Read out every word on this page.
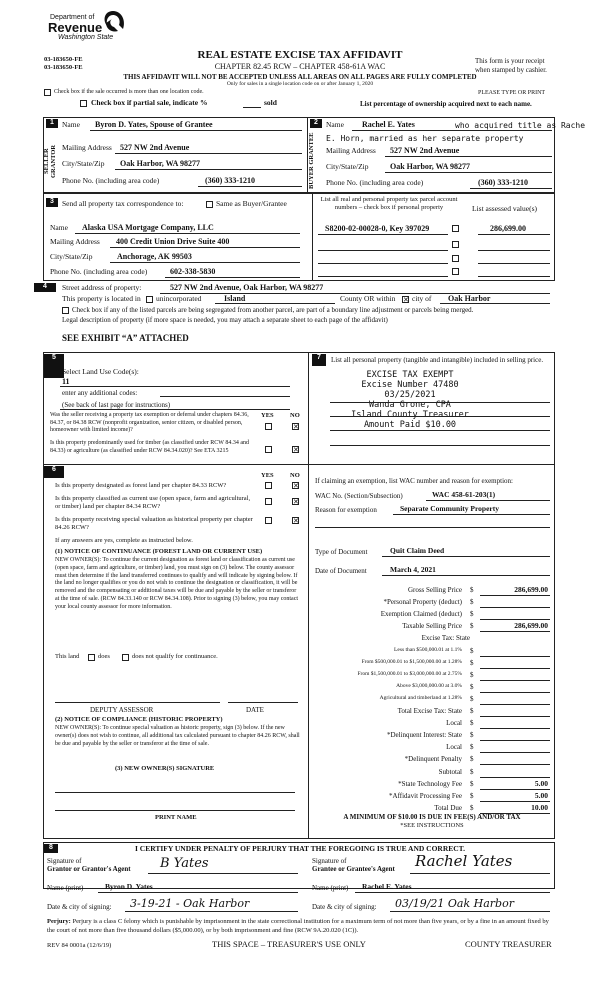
Department of
Revenue
Washington State
03-183650-FE
03-183650-FE
REAL ESTATE EXCISE TAX AFFIDAVIT
CHAPTER 82.45 RCW – CHAPTER 458-61A WAC
This form is your receipt
when stamped by cashier.
THIS AFFIDAVIT WILL NOT BE ACCEPTED UNLESS ALL AREAS ON ALL PAGES ARE FULLY COMPLETED
Only for sales in a single location code on or after January 1, 2020
PLEASE TYPE OR PRINT
Check box if the sale occurred is more than one location code.
Check box if partial sale, indicate %	sold	List percentage of ownership acquired next to each name.
1
SELLER GRANTOR
Name Byron D. Yates, Spouse of Grantee
Mailing Address 527 NW 2nd Avenue
City/State/Zip Oak Harbor, WA 98277
Phone No. (including area code)	(360) 333-1210
2
BUYER GRANTEE
Name Rachel E. Yates	who acquired title as Rache
E. Horn, married as her separate property
Mailing Address 527 NW 2nd Avenue
City/State/Zip	Oak Harbor, WA 98277
Phone No. (including area code)	(360) 333-1210
3	Send all property tax correspondence to:	Same as Buyer/Grantee	List all real and personal property tax parcel account numbers – check box if personal property	List assessed value(s)
Name Alaska USA Mortgage Company, LLC
Mailing Address 400 Credit Union Drive Suite 400
City/State/Zip	Anchorage, AK 99503
Phone No. (including area code)	602-338-5830
S8200-02-00028-0, Key 397029	286,699.00
4	Street address of property:	527 NW 2nd Avenue, Oak Harbor, WA 98277
This property is located in unincorporated	Island	County OR within ✕ city of Oak Harbor
Check box if any of the listed parcels are being segregated from another parcel, are part of a boundary line adjustment or parcels being merged.
Legal description of property (if more space is needed, you may attach a separate sheet to each page of the affidavit)
SEE EXHIBIT “A” ATTACHED
5
Select Land Use Code(s):
11
enter any additional codes:
(See back of last page for instructions)
YES	NO
Was the seller receiving a property tax exemption or deferral under chapters 84.36, 84.37, or 84.38 RCW (nonprofit organization, senior citizen, or disabled person, homeowner with limited income)?	✕
Is this property predominantly used for timber (as classified under RCW 84.34 and 84.33) or agriculture (as classified under RCW 84.34.020)? See ETA 3215	✕
6
YES	NO
Is this property designated as forest land per chapter 84.33 RCW?	✕
Is this property classified as current use (open space, farm and agricultural, or timber) land per chapter 84.34 RCW?
✕
Is this property receiving special valuation as historical property per chapter 84.26 RCW?
✕
If any answers are yes, complete as instructed below.
(1) NOTICE OF CONTINUANCE (FOREST LAND OR CURRENT USE)
NEW OWNER(S): To continue the current designation as forest land or classification as current use (open space, farm and agriculture, or timber) land, you must sign on (3) below. The county assessor must then determine if the land transferred continues to qualify and will indicate by signing below. If the land no longer qualifies or you do not wish to continue the designation or classification, it will be removed and the compensating or additional taxes will be due and payable by the seller or transferor at the time of sale. (RCW 84.33.140 or RCW 84.34.108). Prior to signing (3) below, you may contact your local county assessor for more information.
This land	does	does not qualify for continuance.
DEPUTY ASSESSOR	DATE
(2) NOTICE OF COMPLIANCE (HISTORIC PROPERTY)
NEW OWNER(S): To continue special valuation as historic property, sign (3) below. If the new owner(s) does not wish to continue, all additional tax calculated pursuant to chapter 84.26 RCW, shall be due and payable by the seller or transferor at the time of sale.
(3) NEW OWNER(S) SIGNATURE
PRINT NAME
7	List all personal property (tangible and intangible) included in selling price.
EXCISE TAX EXEMPT
Excise Number 47480
03/25/2021
Wanda Grone, CPA
Island County Treasurer
Amount Paid $10.00
If claiming an exemption, list WAC number and reason for exemption:
WAC No. (Section/Subsection)	WAC 458-61-203(1)
Reason for exemption	Separate Community Property
Type of Document	Quit Claim Deed
Date of Document	March 4, 2021
Gross Selling Price $	286,699.00
*Personal Property (deduct) $
Exemption Claimed (deduct) $
Taxable Selling Price $	286,699.00
Excise Tax: State
Less than $500,000.01 at 1.1% $
From $500,000.01 to $1,500,000.00 at 1.28% $
From $1,500,000.01 to $3,000,000.00 at 2.75% $
Above $3,000,000.00 at 3.0% $
Agricultural and timberland at 1.28% $
Total Excise Tax: State $
Local $
*Delinquent Interest: State $
Local $
*Delinquent Penalty $
Subtotal $
*State Technology Fee $	5.00
*Affidavit Processing Fee $	5.00
Total Due $	10.00
A MINIMUM OF $10.00 IS DUE IN FEE(S) AND/OR TAX
*SEE INSTRUCTIONS
8	I CERTIFY UNDER PENALTY OF PERJURY THAT THE FOREGOING IS TRUE AND CORRECT.
Signature of
Grantor or Grantor's Agent B Yates	Signature of
Grantee or Grantee's Agent Rachel Yates
Name (print)	Byron D. Yates	Name (print) Rachel E. Yates
Date & city of signing: 3-19-21 - Oak Harbor	Date & city of signing: 03/19/21 Oak Harbor
Perjury: Perjury is a class C felony which is punishable by imprisonment in the state correctional institution for a maximum term of not more than five years, or by a fine in an amount fixed by the court of not more than five thousand dollars ($5,000.00), or by both imprisonment and fine (RCW 9A.20.020 (1C)).
REV 84 0001a (12/6/19)	THIS SPACE – TREASURER'S USE ONLY	COUNTY TREASURER
